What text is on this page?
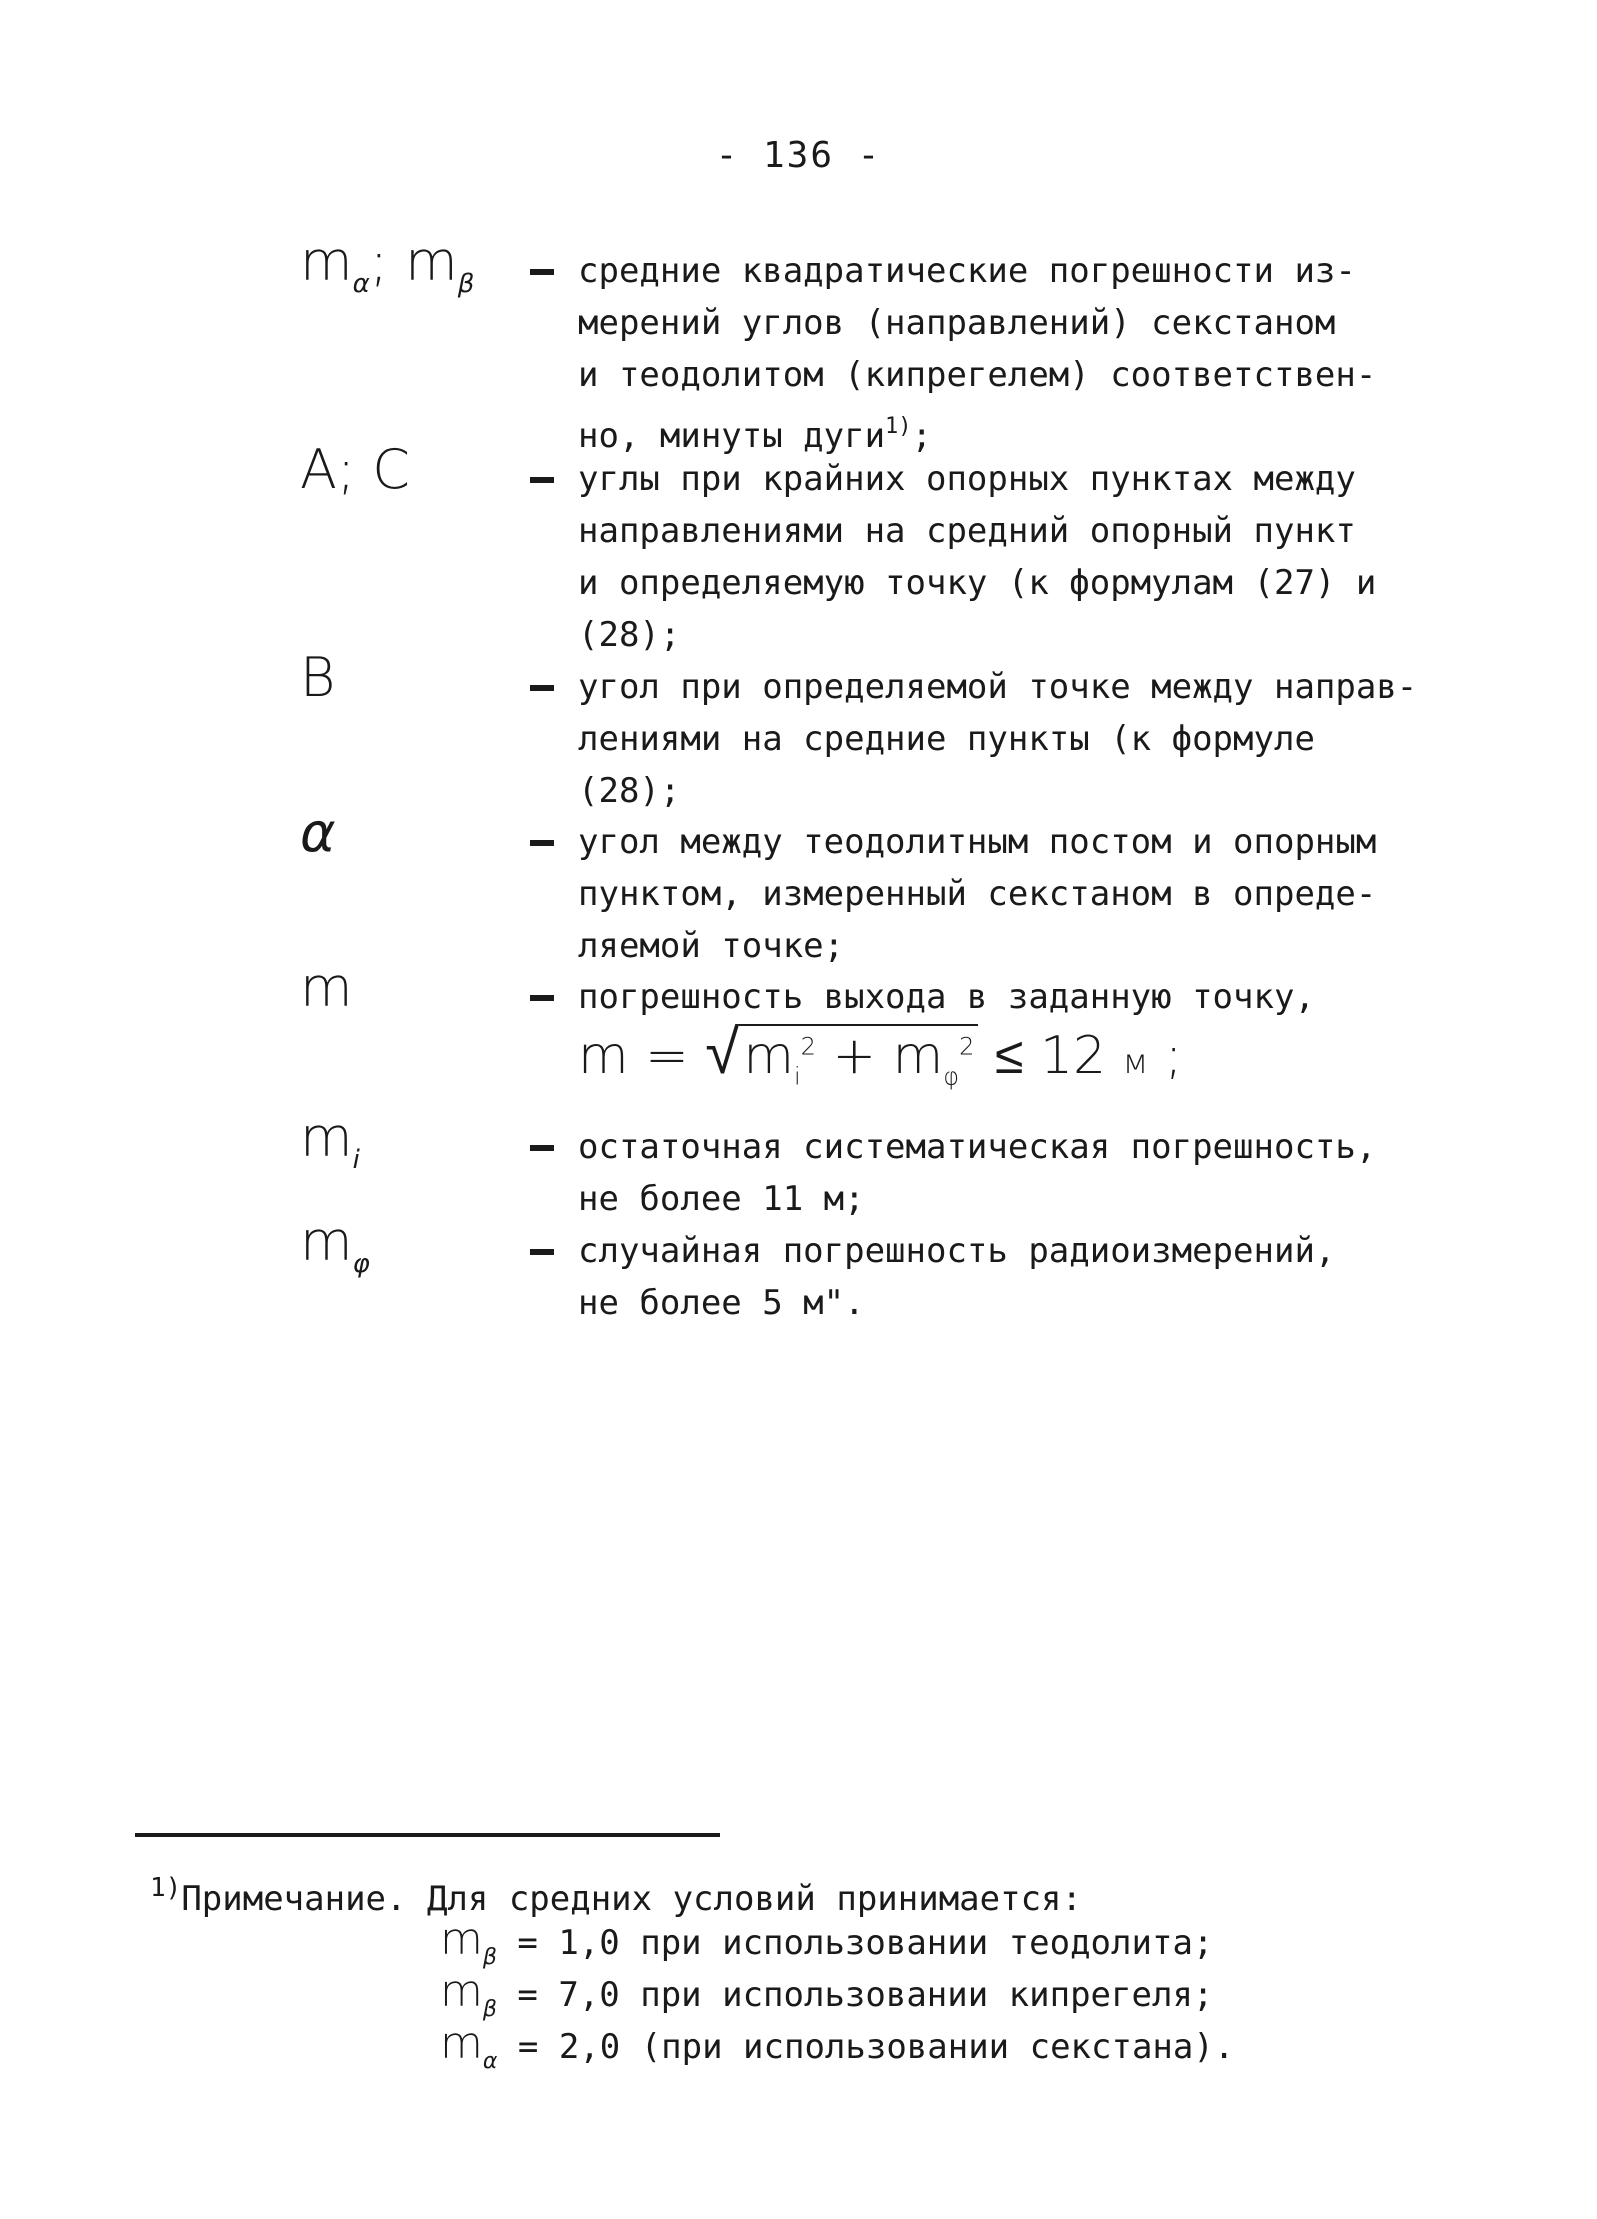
- 136 -
$m_\alpha$; $m_\beta$	средние квадратические погрешности из-
мерений углов (направлений) секстаном
и теодолитом (кипрегелем) соответствен-
но, минуты дуги$^{1)}$;
A; C	углы при крайних опорных пунктах между
направлениями на средний опорный пункт
и определяемую точку (к формулам (27) и
(28);
B	угол при определяемой точке между направ-
лениями на средние пункты (к формуле
(28);
α	угол между теодолитным постом и опорным
пунктом, измеренный секстаном в опреде-
ляемой точке;
m	погрешность выхода в заданную точку,
$m = √m_i^2 + m_\varphi^2 \le 12$ м ;
$m_i$	остаточная систематическая погрешность,
не более 11 м;
$m_\varphi$	случайная погрешность радиоизмерений,
не более 5 м".
$^{1)}$Примечание. Для средних условий принимается:
$m_\beta = 1,0$ при использовании теодолита;
$m_\beta = 7,0$ при использовании кипрегеля;
$m_\alpha = 2,0$ (при использовании секстана).
